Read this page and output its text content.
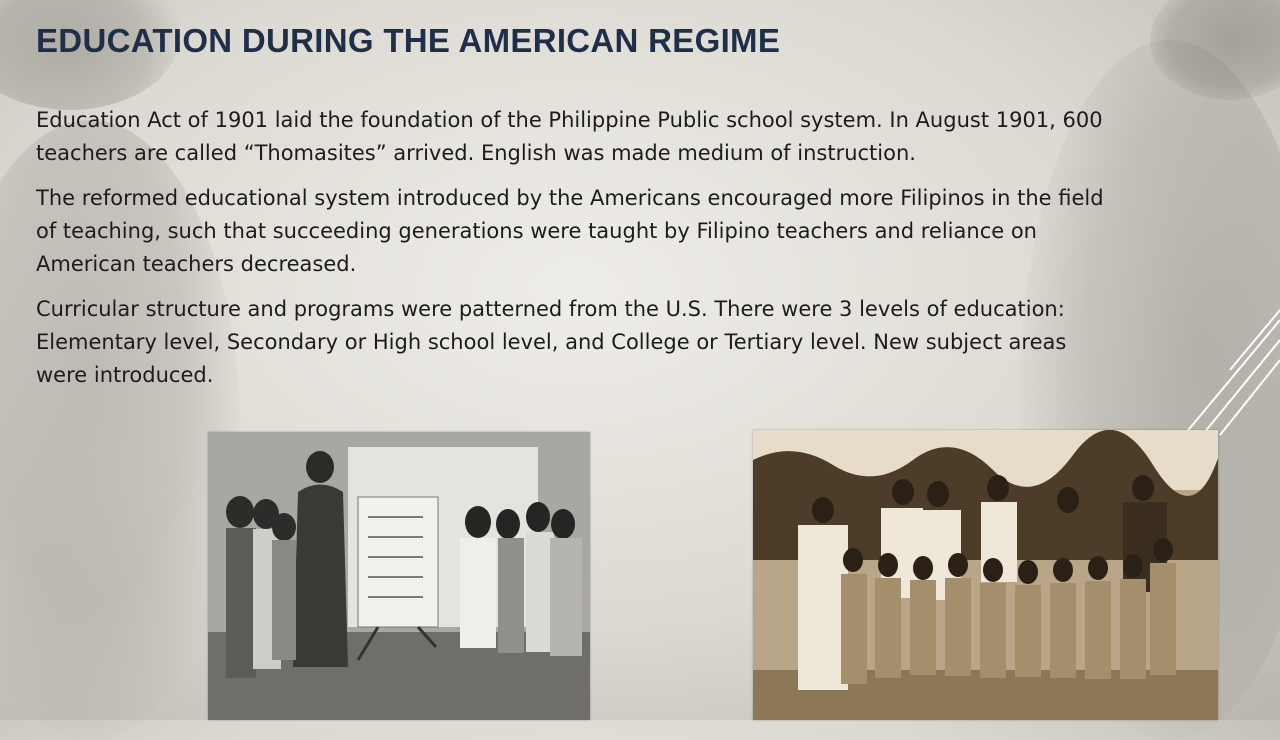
EDUCATION DURING THE AMERICAN REGIME

Education Act of 1901 laid the foundation of the Philippine Public school system. In August 1901, 600 teachers are called “Thomasites” arrived. English was made medium of instruction.

The reformed educational system introduced by the Americans encouraged more Filipinos in the field of teaching, such that succeeding generations were taught by Filipino teachers and reliance on American teachers decreased.

Curricular structure and programs were patterned from the U.S. There were 3 levels of education: Elementary level, Secondary or High school level, and College or Tertiary level. New subject areas were introduced.
